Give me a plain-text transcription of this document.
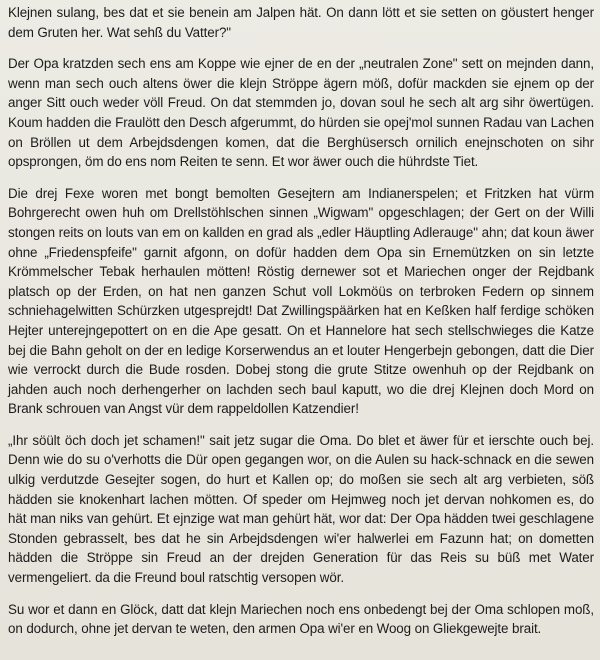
Klejnen sulang, bes dat et sie benein am Jalpen hät. On dann lött et sie setten on göustert henger dem Gruten her. Wat sehß du Vatter?"

Der Opa kratzden sech ens am Koppe wie ejner de en der „neutralen Zone" sett on mejnden dann, wenn man sech ouch altens öwer die klejn Ströppe ägern möß, dofür mackden sie ejnem op der anger Sitt ouch weder völl Freud. On dat stemmden jo, dovan soul he sech alt arg sihr öwertügen. Koum hadden die Fraulött den Desch afgerummt, do hürden sie opej'mol sunnen Radau van Lachen on Bröllen ut dem Arbejdsdengen komen, dat die Berghüsersch ornilich enejnschoten on sihr opsprongen, öm do ens nom Reiten te senn. Et wor äwer ouch die hührdste Tiet.

Die drej Fexe woren met bongt bemolten Gesejtern am Indianerspelen; et Fritzken hat vürm Bohrgerecht owen huh om Drellstöhlschen sinnen „Wigwam" opgeschlagen; der Gert on der Willi stongen reits on louts van em on kallden en grad als „edler Häuptling Adlerauge" ahn; dat koun äwer ohne „Friedenspfeife" garnit afgonn, on dofür hadden dem Opa sin Ernemützken on sin letzte Krömmelscher Tebak herhaulen mötten! Röstig dernewer sot et Mariechen onger der Rejdbank platsch op der Erden, on hat nen ganzen Schut voll Lokmöüs on terbroken Federn op sinnem schniehagelwitten Schürzken utgesprejdt! Dat Zwillingspäärken hat en Keßken half ferdige schöken Hejter unterejngepottert on en die Ape gesatt. On et Hannelore hat sech stellschwieges die Katze bej die Bahn geholt on der en ledige Korserwendus an et louter Hengerbejn gebongen, datt die Dier wie verrockt durch die Bude rosden. Dobej stong die grute Stitze owenhuh op der Rejdbank on jahden auch noch derhengerher on lachden sech baul kaputt, wo die drej Klejnen doch Mord on Brank schrouen van Angst vür dem rappeldollen Katzendier!

„Ihr söült öch doch jet schamen!" sait jetz sugar die Oma. Do blet et äwer für et ierschte ouch bej. Denn wie do su o'verhotts die Dür open gegangen wor, on die Aulen su hack-schnack en die sewen ulkig verdutzde Gesejter sogen, do hurt et Kallen op; do moßen sie sech alt arg verbieten, söß hädden sie knokenhart lachen mötten. Of speder om Hejmweg noch jet dervan nohkomen es, do hät man niks van gehürt. Et ejnzige wat man gehürt hät, wor dat: Der Opa hädden twei geschlagene Stonden gebrasselt, bes dat he sin Arbejdsdengen wi'er halwerlei em Fazunn hat; on dometten hädden die Ströppe sin Freud an der drejden Generation für das Reis su büß met Water vermengeliert. da die Freund boul ratschtig versopen wör.

Su wor et dann en Glöck, datt dat klejn Mariechen noch ens onbedengt bej der Oma schlopen moß, on dodurch, ohne jet dervan te weten, den armen Opa wi'er en Woog on Gliekgewejte brait.
